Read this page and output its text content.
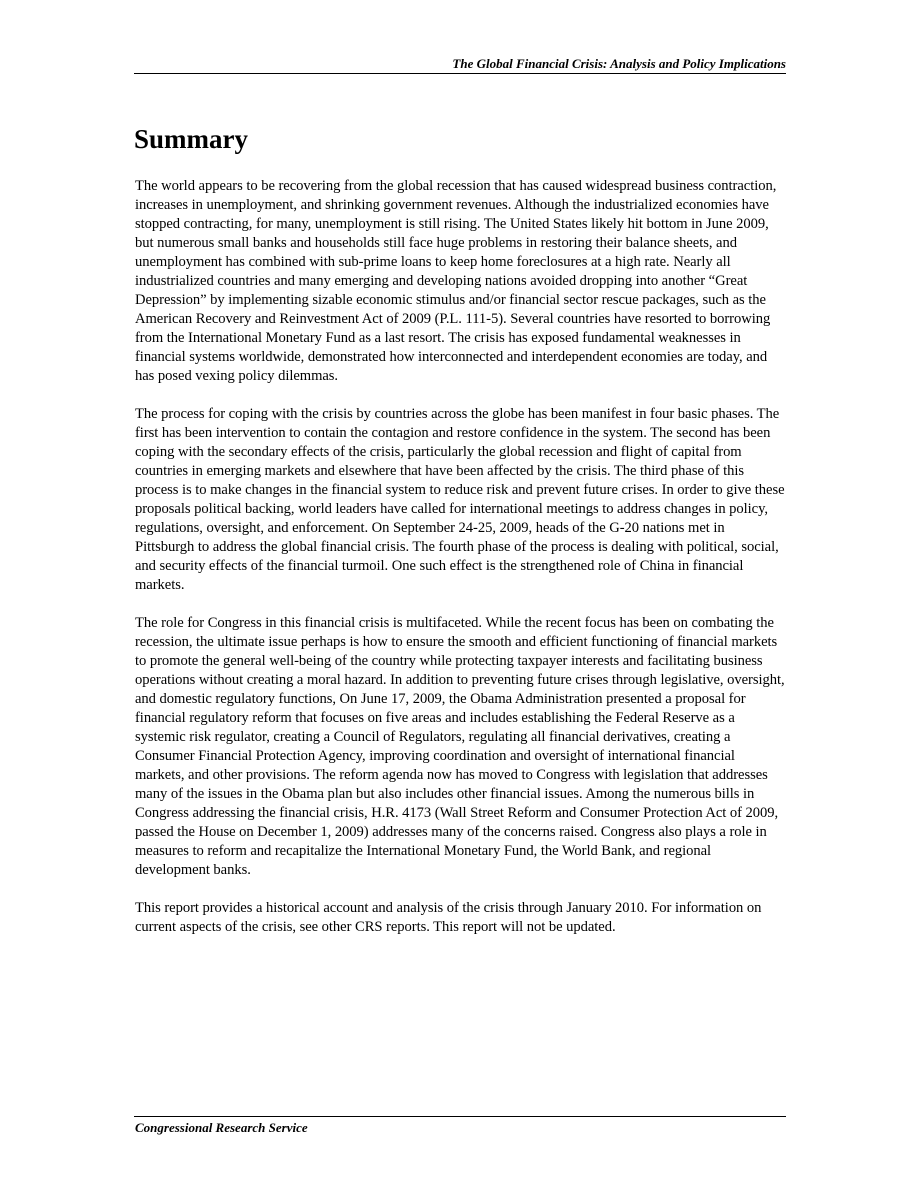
The Global Financial Crisis: Analysis and Policy Implications
Summary

The world appears to be recovering from the global recession that has caused widespread business contraction, increases in unemployment, and shrinking government revenues. Although the industrialized economies have stopped contracting, for many, unemployment is still rising. The United States likely hit bottom in June 2009, but numerous small banks and households still face huge problems in restoring their balance sheets, and unemployment has combined with sub-prime loans to keep home foreclosures at a high rate. Nearly all industrialized countries and many emerging and developing nations avoided dropping into another “Great Depression” by implementing sizable economic stimulus and/or financial sector rescue packages, such as the American Recovery and Reinvestment Act of 2009 (P.L. 111-5). Several countries have resorted to borrowing from the International Monetary Fund as a last resort. The crisis has exposed fundamental weaknesses in financial systems worldwide, demonstrated how interconnected and interdependent economies are today, and has posed vexing policy dilemmas.

The process for coping with the crisis by countries across the globe has been manifest in four basic phases. The first has been intervention to contain the contagion and restore confidence in the system. The second has been coping with the secondary effects of the crisis, particularly the global recession and flight of capital from countries in emerging markets and elsewhere that have been affected by the crisis. The third phase of this process is to make changes in the financial system to reduce risk and prevent future crises. In order to give these proposals political backing, world leaders have called for international meetings to address changes in policy, regulations, oversight, and enforcement. On September 24-25, 2009, heads of the G-20 nations met in Pittsburgh to address the global financial crisis. The fourth phase of the process is dealing with political, social, and security effects of the financial turmoil. One such effect is the strengthened role of China in financial markets.

The role for Congress in this financial crisis is multifaceted. While the recent focus has been on combating the recession, the ultimate issue perhaps is how to ensure the smooth and efficient functioning of financial markets to promote the general well-being of the country while protecting taxpayer interests and facilitating business operations without creating a moral hazard. In addition to preventing future crises through legislative, oversight, and domestic regulatory functions, On June 17, 2009, the Obama Administration presented a proposal for financial regulatory reform that focuses on five areas and includes establishing the Federal Reserve as a systemic risk regulator, creating a Council of Regulators, regulating all financial derivatives, creating a Consumer Financial Protection Agency, improving coordination and oversight of international financial markets, and other provisions. The reform agenda now has moved to Congress with legislation that addresses many of the issues in the Obama plan but also includes other financial issues. Among the numerous bills in Congress addressing the financial crisis, H.R. 4173 (Wall Street Reform and Consumer Protection Act of 2009, passed the House on December 1, 2009) addresses many of the concerns raised. Congress also plays a role in measures to reform and recapitalize the International Monetary Fund, the World Bank, and regional development banks.

This report provides a historical account and analysis of the crisis through January 2010. For information on current aspects of the crisis, see other CRS reports. This report will not be updated.

Congressional Research Service
